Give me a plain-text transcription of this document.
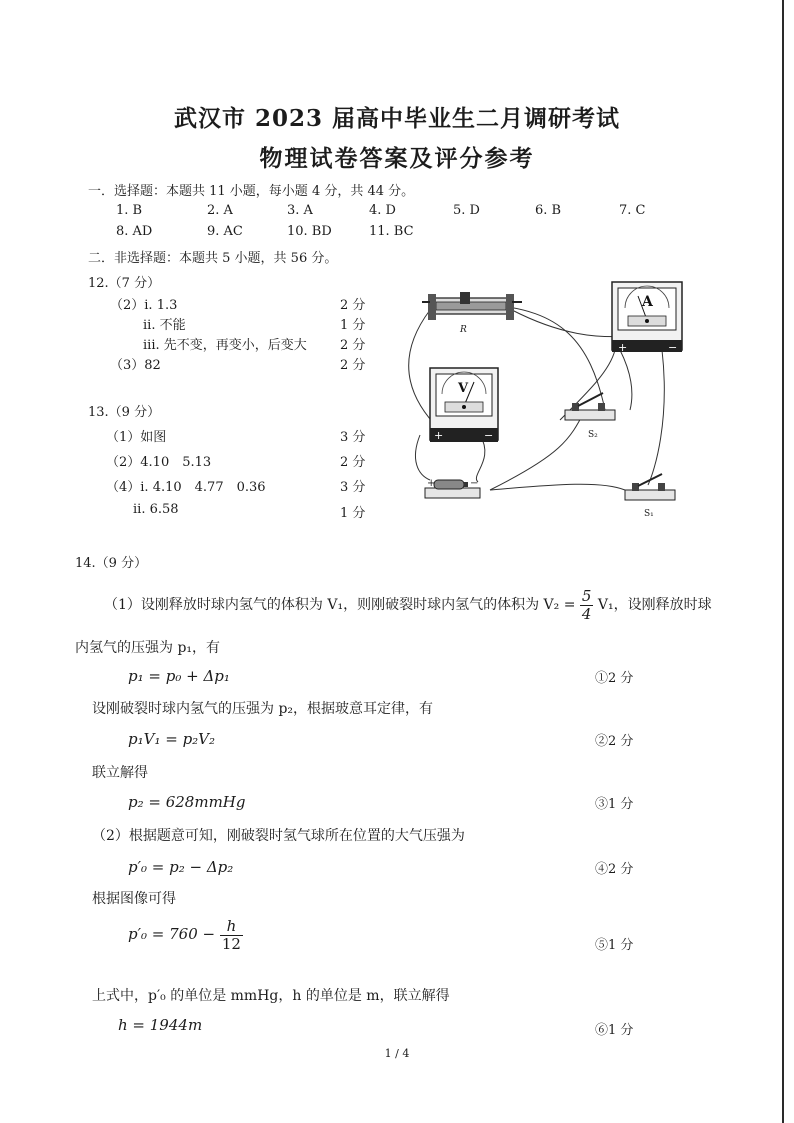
武汉市 2023 届高中毕业生二月调研考试
物理试卷答案及评分参考
一．选择题：本题共 11 小题，每小题 4 分，共 44 分。
1. B	2. A	3. A	4. D	5. D	6. B	7. C
8. AD	9. AC	10. BD	11. BC
二．非选择题：本题共 5 小题，共 56 分。
12.（7 分）
（2）i. 1.3	2 分
ii. 不能	1 分
iii. 先不变，再变小，后变大	2 分
（3）82	2 分
13.（9 分）
（1）如图	3 分
（2）4.10　5.13	2 分
（4）i. 4.10　4.77　0.36	3 分
ii. 6.58	1 分
R
A
+	−
V
+	−	S₂
+	−
S₁
14.（9 分）
（1）设刚释放时球内氢气的体积为 V₁，则刚破裂时球内氢气的体积为 $V_2 = \frac{5}{4} V_1$，设刚释放时球
内氢气的压强为 p₁，有
p₁ = p₀ + Δp₁	①2 分
设刚破裂时球内氢气的压强为 p₂，根据玻意耳定律，有
p₁V₁ = p₂V₂	②2 分
联立解得
p₂ = 628mmHg	③1 分
（2）根据题意可知，刚破裂时氢气球所在位置的大气压强为
p′₀ = p₂ − Δp₂	④2 分
根据图像可得
$p'_0 = 760 - \frac{h}{12}$	⑤1 分
上式中，p′₀ 的单位是 mmHg，h 的单位是 m，联立解得
h = 1944m	⑥1 分
1 / 4
